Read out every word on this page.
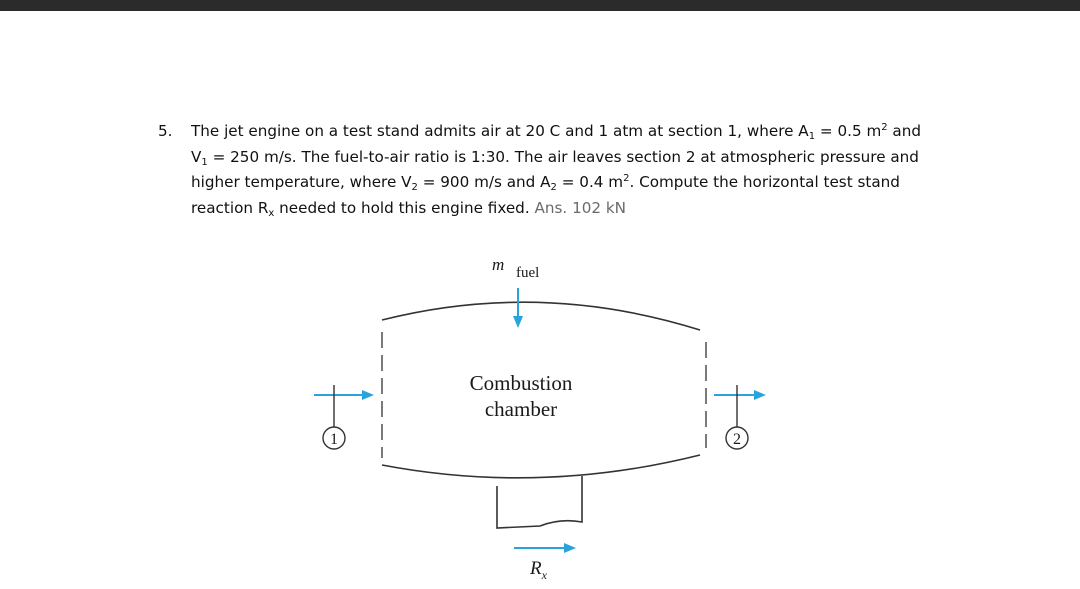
5. The jet engine on a test stand admits air at 20 C and 1 atm at section 1, where $A_1 = 0.5$ $m^2$ and $V_1 = 250$ m/s. The fuel-to-air ratio is 1:30. The air leaves section 2 at atmospheric pressure and higher temperature, where $V_2 = 900$ m/s and $A_2 = 0.4$ $m^2$. Compute the horizontal test stand reaction $R_x$ needed to hold this engine fixed. Ans. 102 kN
m fuel
Combustion
chamber
1	2
$R_x$
